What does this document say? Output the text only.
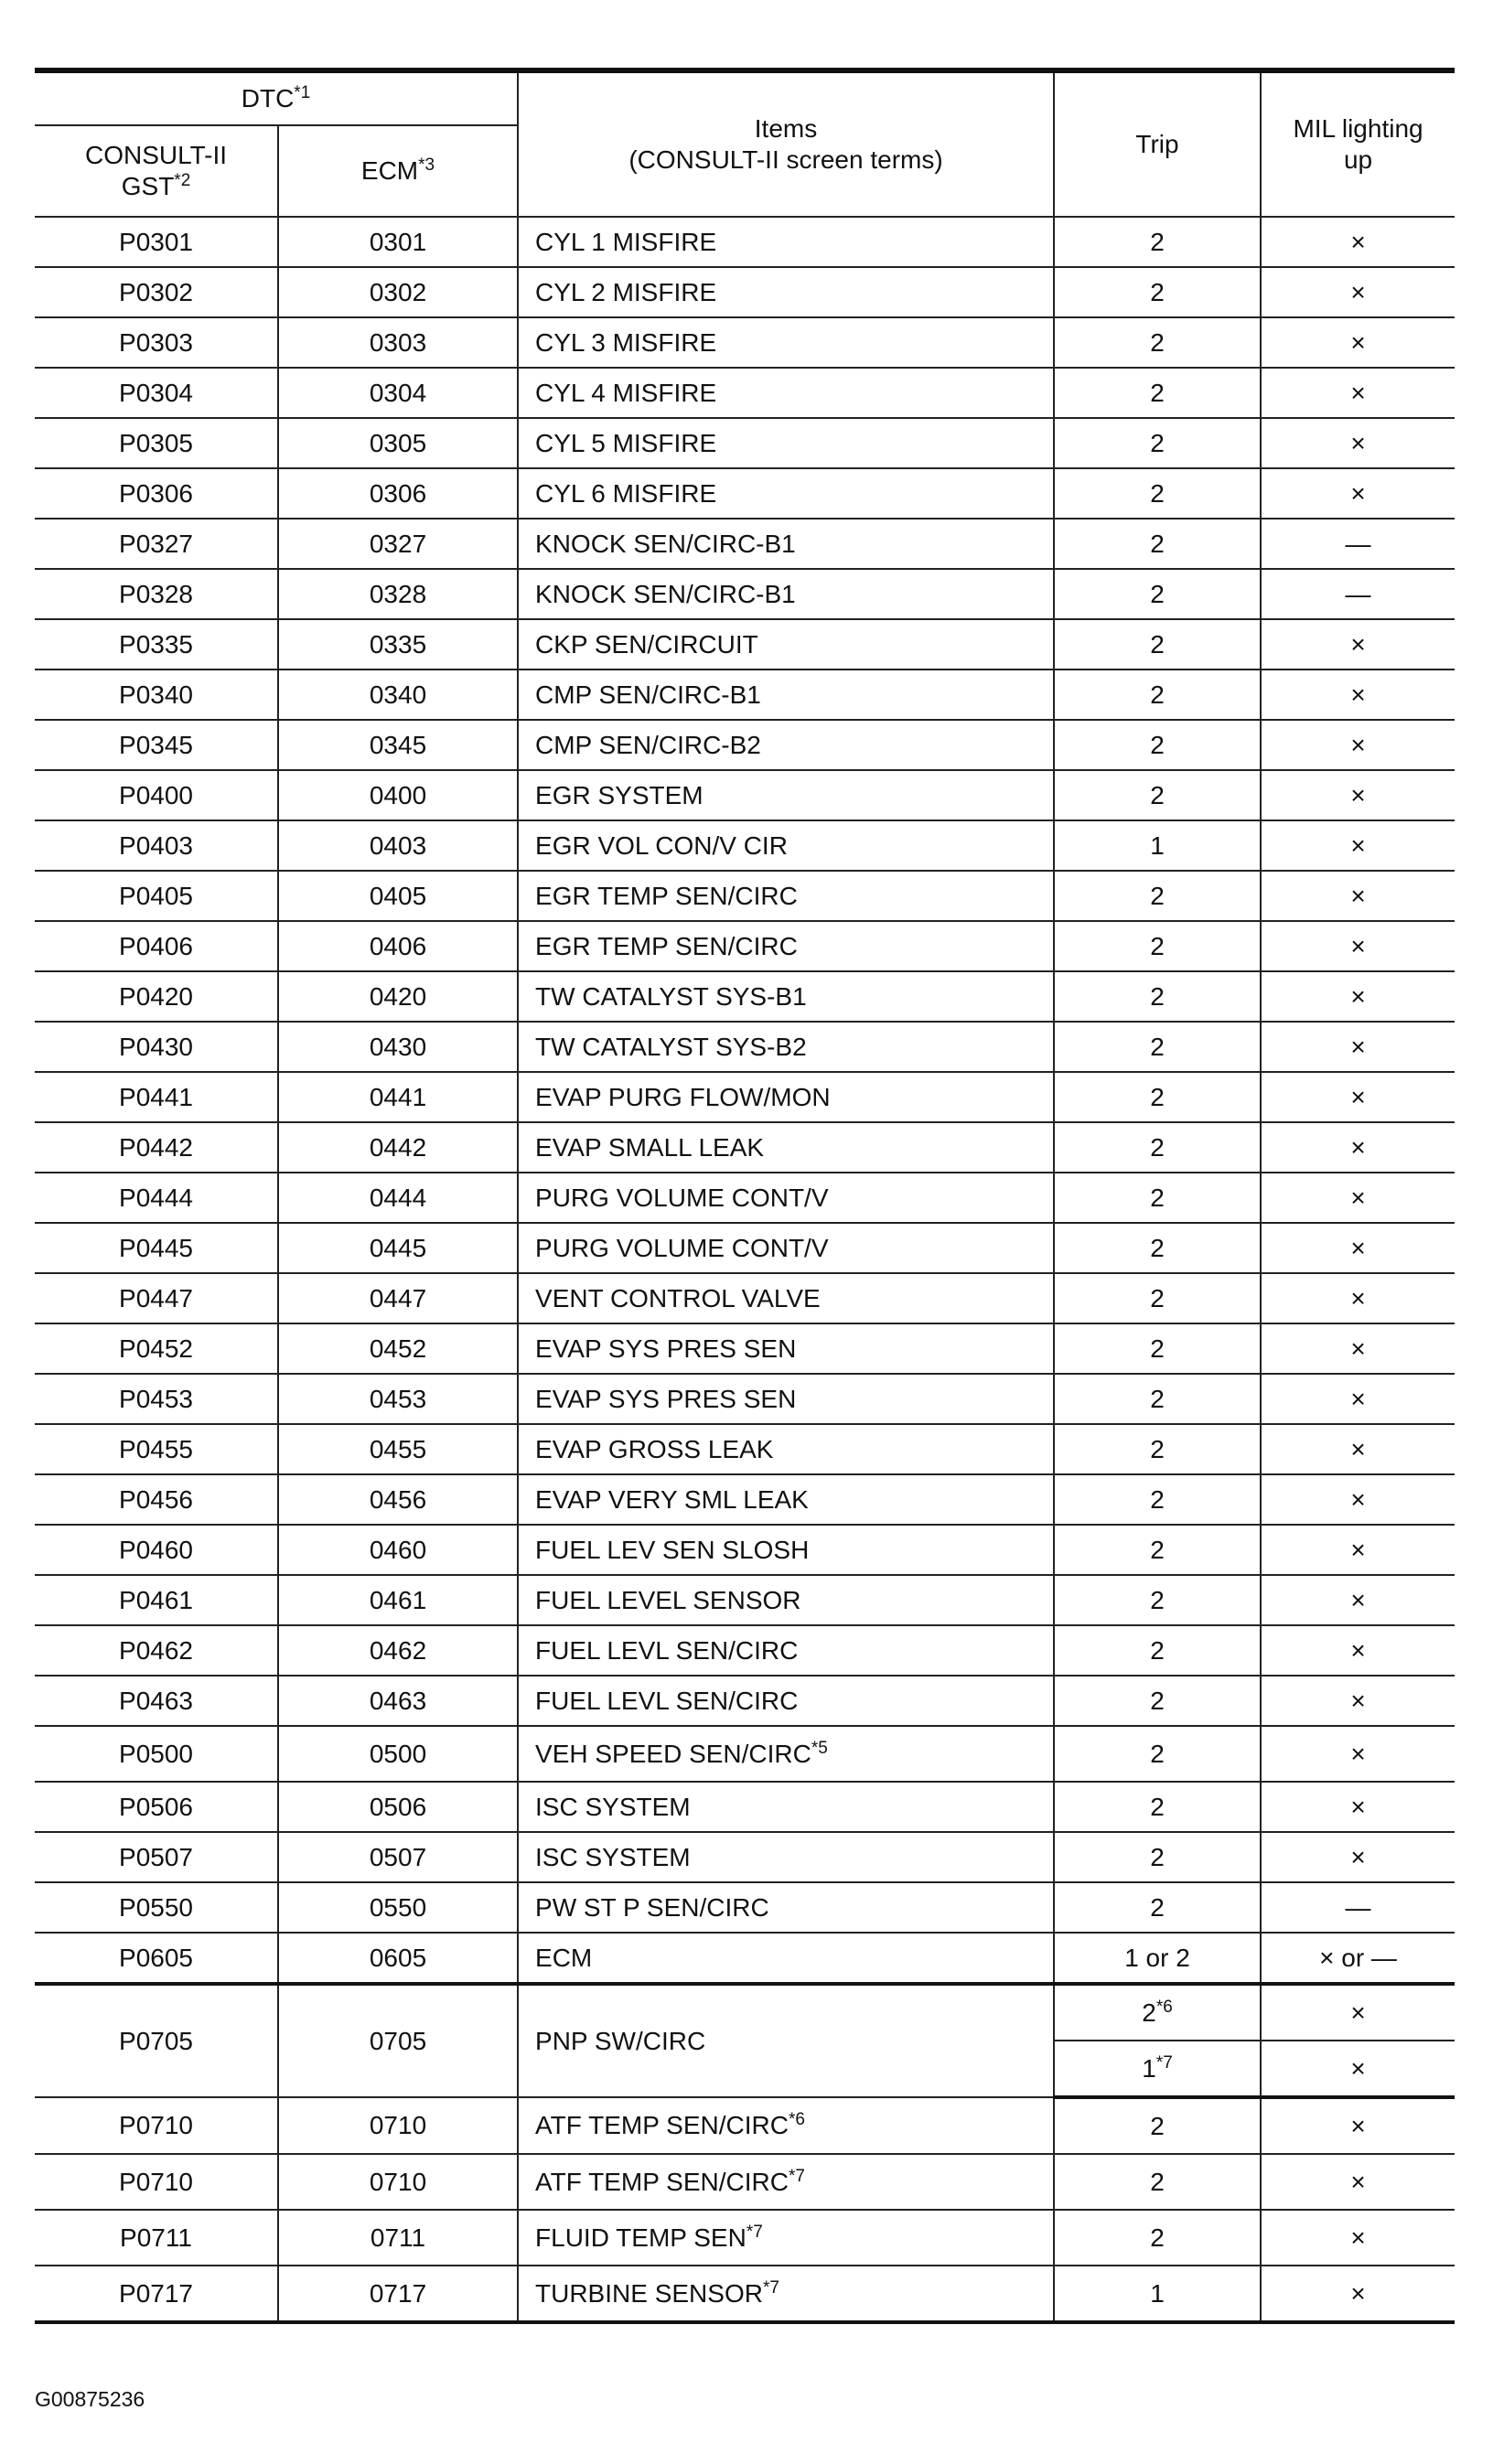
DTC$^{*1}$		Items
(CONSULT-II screen terms)	Trip	MIL lighting
up
CONSULT-II
GST$^{*2}$	ECM$^{*3}$
P0301	0301	CYL 1 MISFIRE	2	×
P0302	0302	CYL 2 MISFIRE	2	×
P0303	0303	CYL 3 MISFIRE	2	×
P0304	0304	CYL 4 MISFIRE	2	×
P0305	0305	CYL 5 MISFIRE	2	×
P0306	0306	CYL 6 MISFIRE	2	×
P0327	0327	KNOCK SEN/CIRC-B1	2	—
P0328	0328	KNOCK SEN/CIRC-B1	2	—
P0335	0335	CKP SEN/CIRCUIT	2	×
P0340	0340	CMP SEN/CIRC-B1	2	×
P0345	0345	CMP SEN/CIRC-B2	2	×
P0400	0400	EGR SYSTEM	2	×
P0403	0403	EGR VOL CON/V CIR	1	×
P0405	0405	EGR TEMP SEN/CIRC	2	×
P0406	0406	EGR TEMP SEN/CIRC	2	×
P0420	0420	TW CATALYST SYS-B1	2	×
P0430	0430	TW CATALYST SYS-B2	2	×
P0441	0441	EVAP PURG FLOW/MON	2	×
P0442	0442	EVAP SMALL LEAK	2	×
P0444	0444	PURG VOLUME CONT/V	2	×
P0445	0445	PURG VOLUME CONT/V	2	×
P0447	0447	VENT CONTROL VALVE	2	×
P0452	0452	EVAP SYS PRES SEN	2	×
P0453	0453	EVAP SYS PRES SEN	2	×
P0455	0455	EVAP GROSS LEAK	2	×
P0456	0456	EVAP VERY SML LEAK	2	×
P0460	0460	FUEL LEV SEN SLOSH	2	×
P0461	0461	FUEL LEVEL SENSOR	2	×
P0462	0462	FUEL LEVL SEN/CIRC	2	×
P0463	0463	FUEL LEVL SEN/CIRC	2	×
P0500	0500	VEH SPEED SEN/CIRC$^{*5}$	2	×
P0506	0506	ISC SYSTEM	2	×
P0507	0507	ISC SYSTEM	2	×
P0550	0550	PW ST P SEN/CIRC	2	—
P0605	0605	ECM	1 or 2	× or —
P0705	0705	PNP SW/CIRC	$2^{*6}$	×
			$1^{*7}$	×
P0710	0710	ATF TEMP SEN/CIRC$^{*6}$	2	×
P0710	0710	ATF TEMP SEN/CIRC$^{*7}$	2	×
P0711	0711	FLUID TEMP SEN$^{*7}$	2	×
P0717	0717	TURBINE SENSOR$^{*7}$	1	×
G00875236
